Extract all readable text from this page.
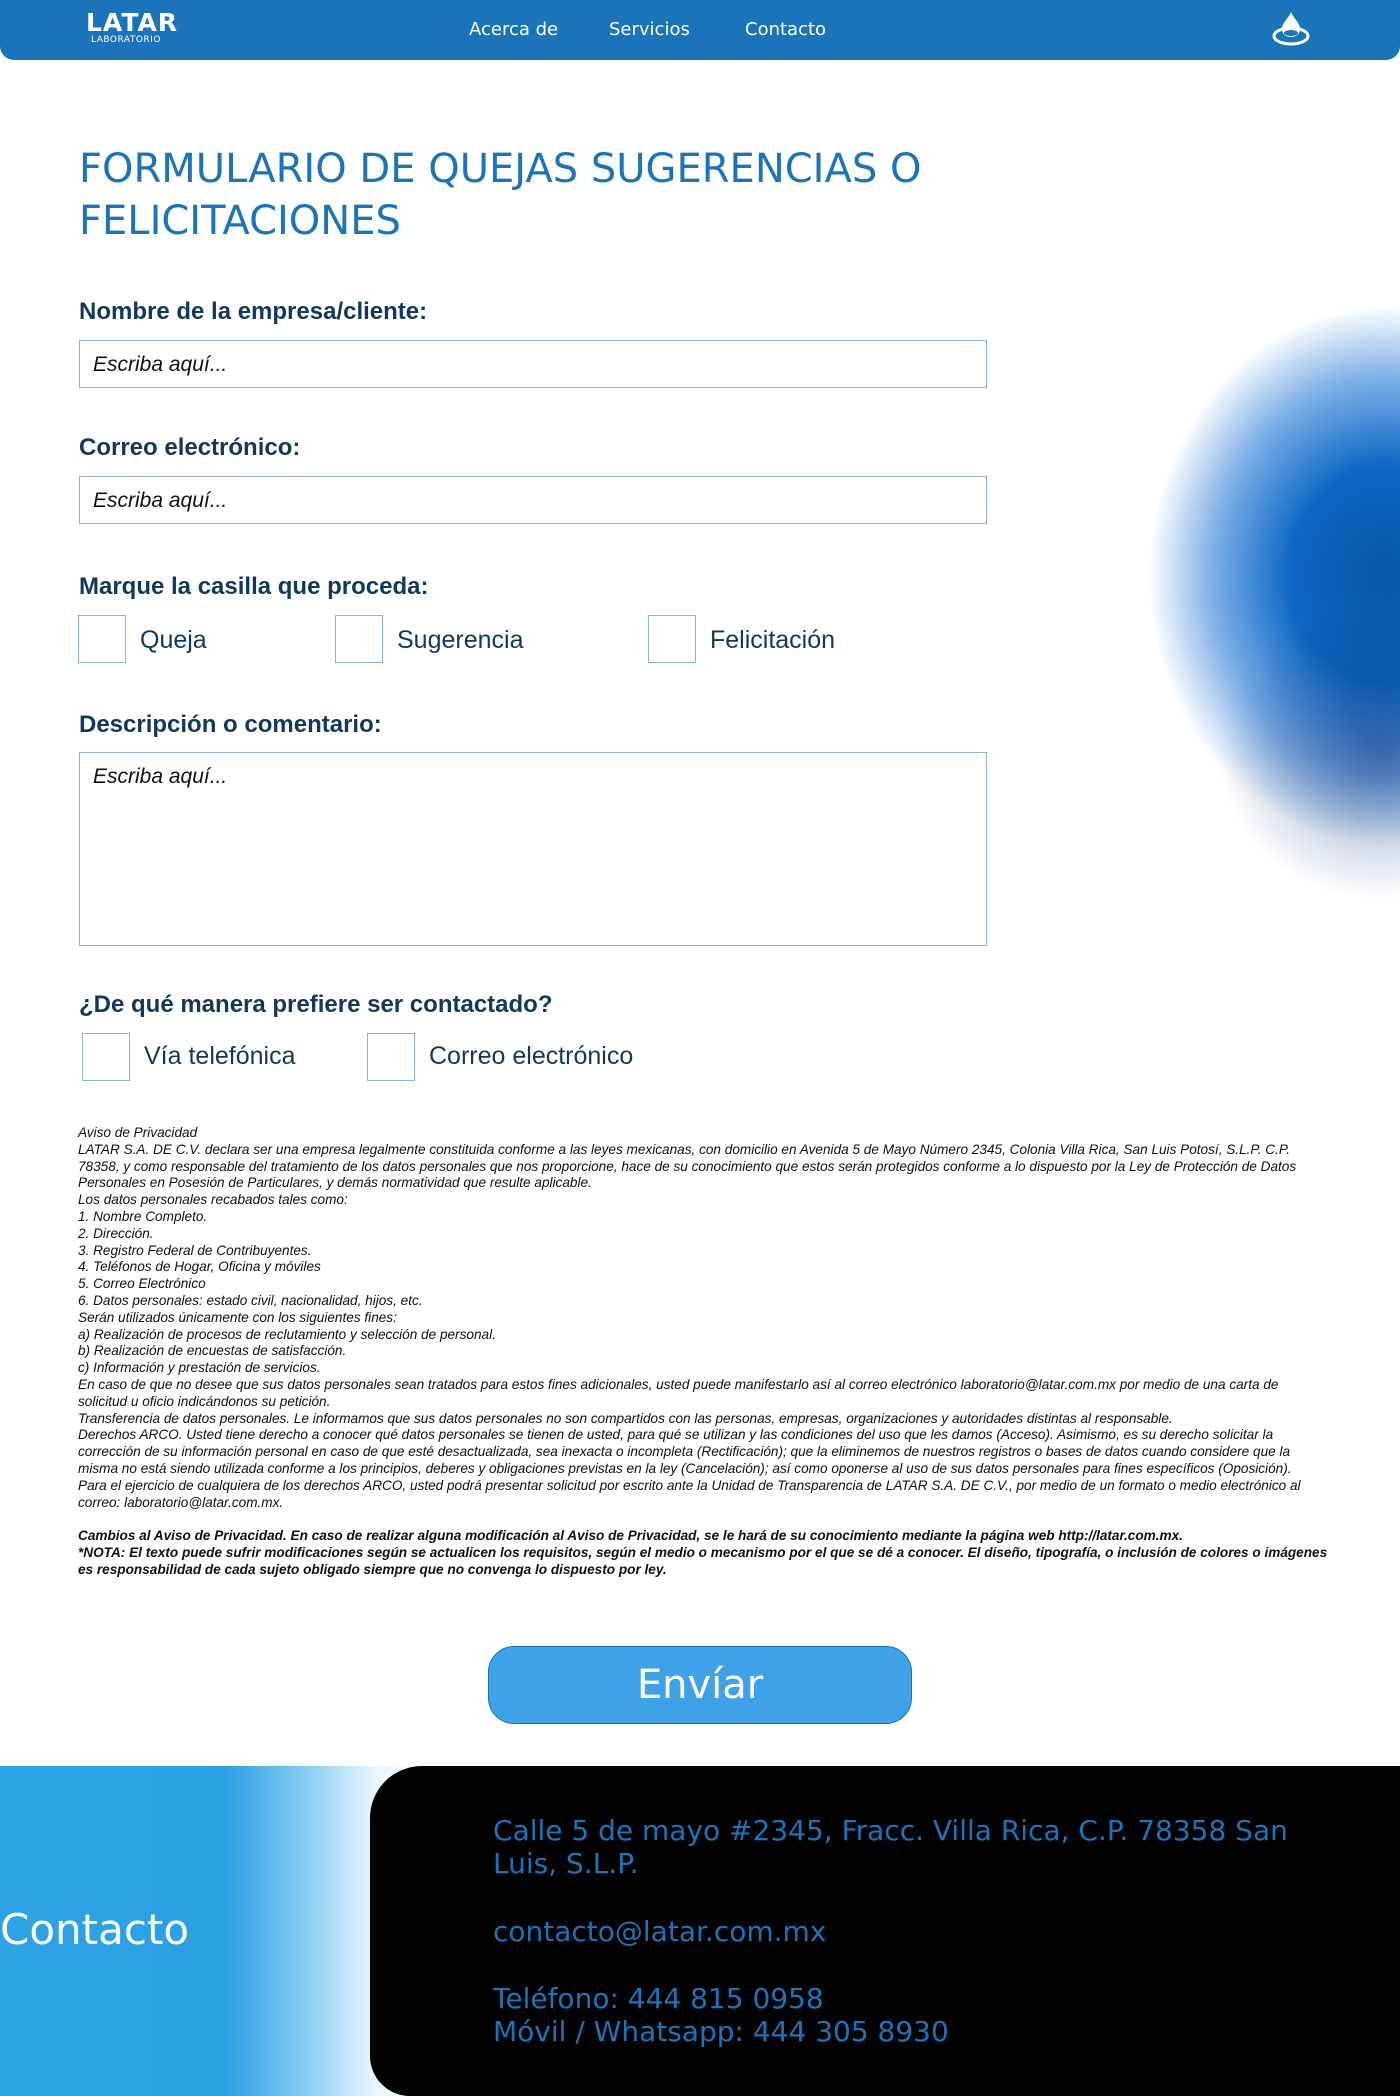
LATAR
LABORATORIO	Acerca de	Servicios	Contacto
FORMULARIO DE QUEJAS SUGERENCIAS O FELICITACIONES
Nombre de la empresa/cliente:
Escriba aquí...
Correo electrónico:
Escriba aquí...
Marque la casilla que proceda:
Queja	Sugerencia	Felicitación
Descripción o comentario:
Escriba aquí...
¿De qué manera prefiere ser contactado?
Vía telefónica	Correo electrónico
Aviso de Privacidad
LATAR S.A. DE C.V. declara ser una empresa legalmente constituida conforme a las leyes mexicanas, con domicilio en Avenida 5 de Mayo Número 2345, Colonia Villa Rica, San Luis Potosí, S.L.P. C.P. 78358, y como responsable del tratamiento de los datos personales que nos proporcione, hace de su conocimiento que estos serán protegidos conforme a lo dispuesto por la Ley de Protección de Datos Personales en Posesión de Particulares, y demás normatividad que resulte aplicable.
Los datos personales recabados tales como:
1. Nombre Completo.
2. Dirección.
3. Registro Federal de Contribuyentes.
4. Teléfonos de Hogar, Oficina y móviles
5. Correo Electrónico
6. Datos personales: estado civil, nacionalidad, hijos, etc.
Serán utilizados únicamente con los siguientes fines:
a) Realización de procesos de reclutamiento y selección de personal.
b) Realización de encuestas de satisfacción.
c) Información y prestación de servicios.
En caso de que no desee que sus datos personales sean tratados para estos fines adicionales, usted puede manifestarlo así al correo electrónico laboratorio@latar.com.mx por medio de una carta de solicitud u oficio indicándonos su petición.
Transferencia de datos personales. Le informamos que sus datos personales no son compartidos con las personas, empresas, organizaciones y autoridades distintas al responsable.
Derechos ARCO. Usted tiene derecho a conocer qué datos personales se tienen de usted, para qué se utilizan y las condiciones del uso que les damos (Acceso). Asimismo, es su derecho solicitar la corrección de su información personal en caso de que esté desactualizada, sea inexacta o incompleta (Rectificación); que la eliminemos de nuestros registros o bases de datos cuando considere que la misma no está siendo utilizada conforme a los principios, deberes y obligaciones previstas en la ley (Cancelación); así como oponerse al uso de sus datos personales para fines específicos (Oposición).
Para el ejercicio de cualquiera de los derechos ARCO, usted podrá presentar solicitud por escrito ante la Unidad de Transparencia de LATAR S.A. DE C.V., por medio de un formato o medio electrónico al correo: laboratorio@latar.com.mx.
Cambios al Aviso de Privacidad. En caso de realizar alguna modificación al Aviso de Privacidad, se le hará de su conocimiento mediante la página web http://latar.com.mx.
*NOTA: El texto puede sufrir modificaciones según se actualicen los requisitos, según el medio o mecanismo por el que se dé a conocer. El diseño, tipografía, o inclusión de colores o imágenes es responsabilidad de cada sujeto obligado siempre que no convenga lo dispuesto por ley.
Envíar
Contacto
Calle 5 de mayo #2345, Fracc. Villa Rica, C.P. 78358 San Luis, S.L.P.
contacto@latar.com.mx
Teléfono: 444 815 0958
Móvil / Whatsapp: 444 305 8930
